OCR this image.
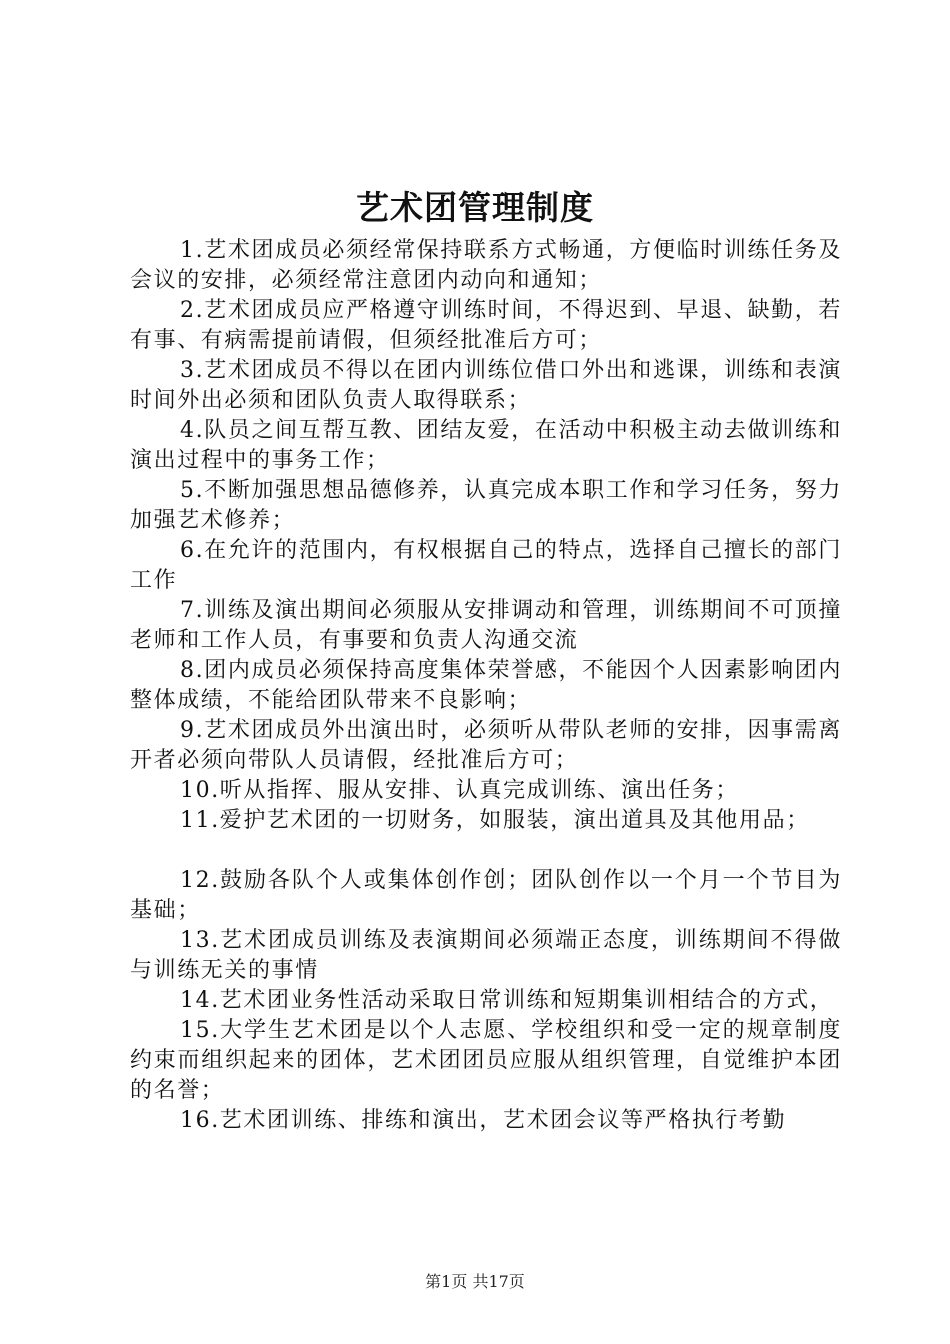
艺术团管理制度

1.艺术团成员必须经常保持联系方式畅通，方便临时训练任务及会议的安排，必须经常注意团内动向和通知；

2.艺术团成员应严格遵守训练时间，不得迟到、早退、缺勤，若有事、有病需提前请假，但须经批准后方可；

3.艺术团成员不得以在团内训练位借口外出和逃课，训练和表演时间外出必须和团队负责人取得联系；

4.队员之间互帮互教、团结友爱，在活动中积极主动去做训练和演出过程中的事务工作；

5.不断加强思想品德修养，认真完成本职工作和学习任务，努力加强艺术修养；

6.在允许的范围内，有权根据自己的特点，选择自己擅长的部门工作

7.训练及演出期间必须服从安排调动和管理，训练期间不可顶撞老师和工作人员，有事要和负责人沟通交流

8.团内成员必须保持高度集体荣誉感，不能因个人因素影响团内整体成绩，不能给团队带来不良影响；

9.艺术团成员外出演出时，必须听从带队老师的安排，因事需离开者必须向带队人员请假，经批准后方可；

10.听从指挥、服从安排、认真完成训练、演出任务；

11.爱护艺术团的一切财务，如服装，演出道具及其他用品；

12.鼓励各队个人或集体创作创；团队创作以一个月一个节目为基础；

13.艺术团成员训练及表演期间必须端正态度，训练期间不得做与训练无关的事情

14.艺术团业务性活动采取日常训练和短期集训相结合的方式，

15.大学生艺术团是以个人志愿、学校组织和受一定的规章制度约束而组织起来的团体，艺术团团员应服从组织管理，自觉维护本团的名誉；

16.艺术团训练、排练和演出，艺术团会议等严格执行考勤

第1页 共17页
